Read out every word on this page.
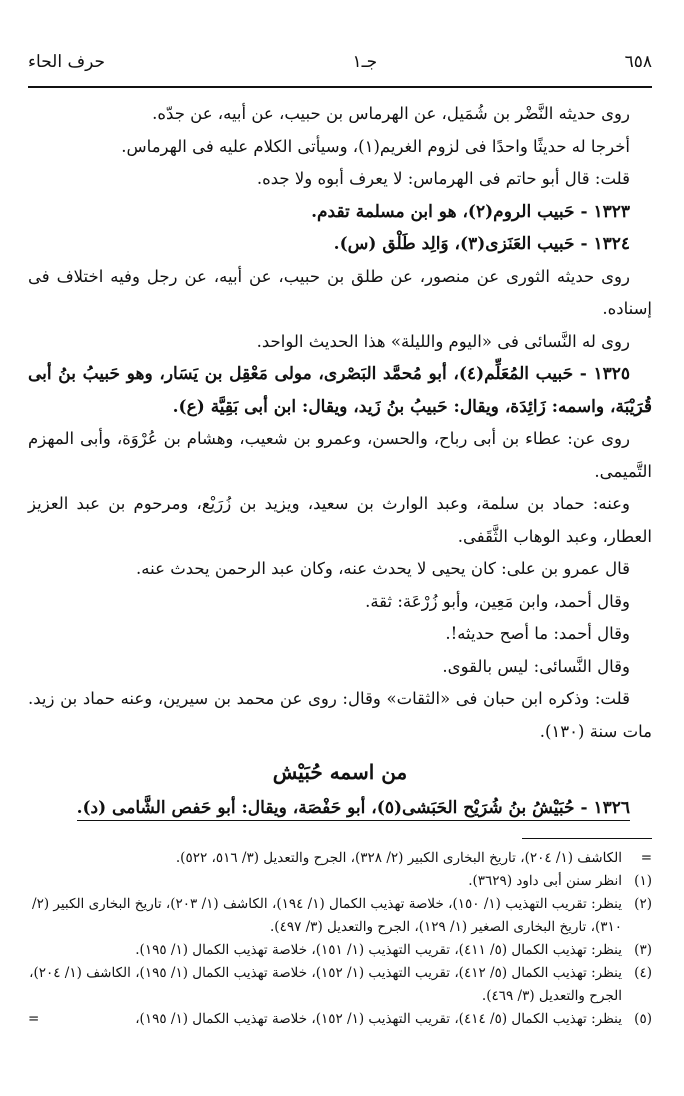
٦٥٨
جـ١
حرف الحاء

روى حديثه النَّضْر بن شُمَيل، عن الهرماس بن حبيب، عن أبيه، عن جدّه.

أخرجا له حديثًا واحدًا فى لزوم الغريم(١)، وسيأتى الكلام عليه فى الهرماس.

قلت: قال أبو حاتم فى الهرماس: لا يعرف أبوه ولا جده.

١٣٢٣ - حَبيب الروم(٢)، هو ابن مسلمة تقدم.

١٣٢٤ - حَبيب العَنَزى(٣)، وَالِد طَلْق (س).

روى حديثه الثورى عن منصور، عن طلق بن حبيب، عن أبيه، عن رجل وفيه اختلاف فى إسناده.

روى له النَّسائى فى «اليوم والليلة» هذا الحديث الواحد.

١٣٢٥ - حَبيب المُعَلِّم(٤)، أبو مُحمَّد البَصْرى، مولى مَعْقِل بن يَسَار، وهو حَبيبُ بنُ أبى قُرَيْبَة، واسمه: زَائِدَة، ويقال: حَبيبُ بنُ زَيد، ويقال: ابن أبى بَقِيَّة (ع).

روى عن: عطاء بن أبى رباح، والحسن، وعمرو بن شعيب، وهشام بن عُرْوَة، وأبى المهزم التَّميمى.

وعنه: حماد بن سلمة، وعبد الوارث بن سعيد، ويزيد بن زُرَيْع، ومرحوم بن عبد العزيز العطار، وعبد الوهاب الثَّقَفى.

قال عمرو بن على: كان يحيى لا يحدث عنه، وكان عبد الرحمن يحدث عنه.

وقال أحمد، وابن مَعِين، وأبو زُرْعَة: ثقة.

وقال أحمد: ما أصح حديثه!.

وقال النَّسائى: ليس بالقوى.

قلت: وذكره ابن حبان فى «الثقات» وقال: روى عن محمد بن سيرين، وعنه حماد بن زيد. مات سنة (١٣٠).

من اسمه حُبَيْش
١٣٢٦ - حُبَيْشُ بنُ شُرَيْح الحَبَشى(٥)، أبو حَفْصَة، ويقال: أبو حَفص الشَّامى (د).
=
الكاشف (١/ ٢٠٤)، تاريخ البخارى الكبير (٢/ ٣٢٨)، الجرح والتعديل (٣/ ٥١٦، ٥٢٢).
(١)
انظر سنن أبى داود (٣٦٢٩).
(٢)
ينظر: تقريب التهذيب (١/ ١٥٠)، خلاصة تهذيب الكمال (١/ ١٩٤)، الكاشف (١/ ٢٠٣)، تاريخ البخارى الكبير (٢/ ٣١٠)، تاريخ البخارى الصغير (١/ ١٢٩)، الجرح والتعديل (٣/ ٤٩٧).
(٣)
ينظر: تهذيب الكمال (٥/ ٤١١)، تقريب التهذيب (١/ ١٥١)، خلاصة تهذيب الكمال (١/ ١٩٥).
(٤)
ينظر: تهذيب الكمال (٥/ ٤١٢)، تقريب التهذيب (١/ ١٥٢)، خلاصة تهذيب الكمال (١/ ١٩٥)، الكاشف (١/ ٢٠٤)، الجرح والتعديل (٣/ ٤٦٩).
(٥)
ينظر: تهذيب الكمال (٥/ ٤١٤)، تقريب التهذيب (١/ ١٥٢)، خلاصة تهذيب الكمال (١/ ١٩٥)،
=
